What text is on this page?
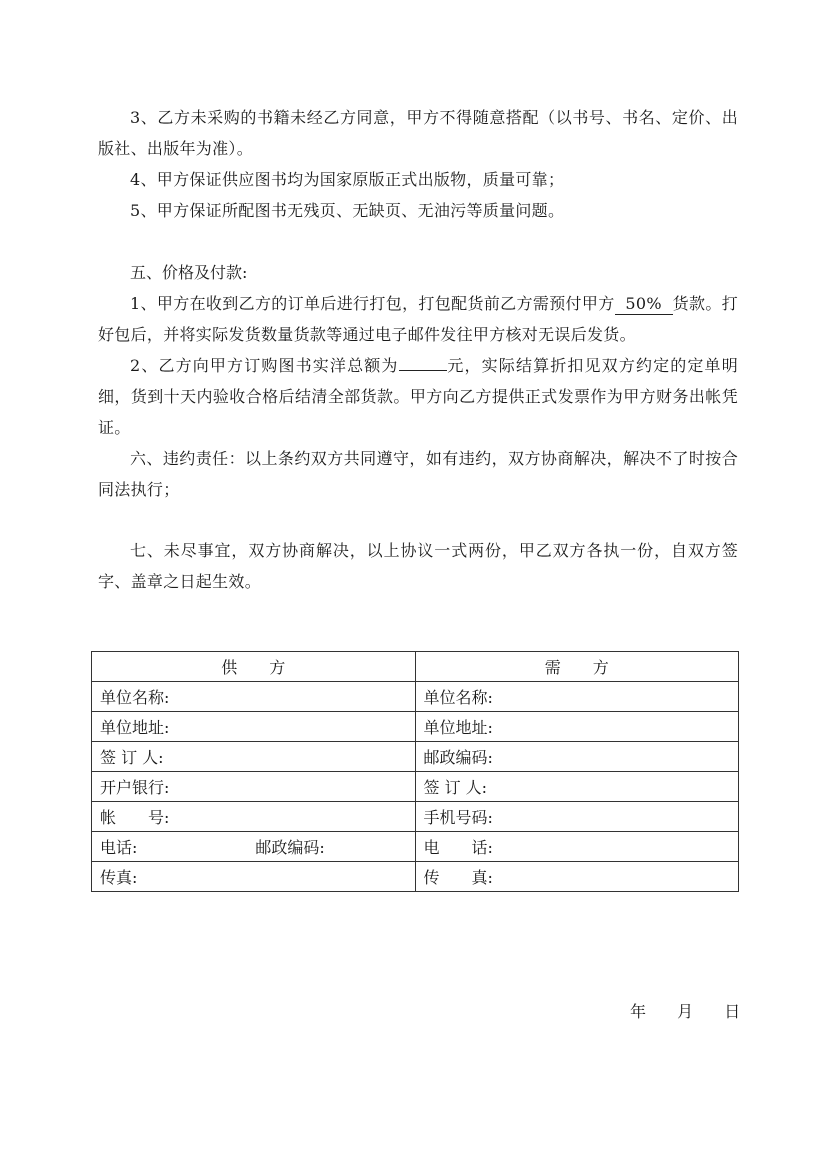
3、乙方未采购的书籍未经乙方同意，甲方不得随意搭配（以书号、书名、定价、出版社、出版年为准）。

4、甲方保证供应图书均为国家原版正式出版物，质量可靠；

5、甲方保证所配图书无残页、无缺页、无油污等质量问题。

五、价格及付款:

1、甲方在收到乙方的订单后进行打包，打包配货前乙方需预付甲方 50% 货款。打好包后，并将实际发货数量货款等通过电子邮件发往甲方核对无误后发货。

2、乙方向甲方订购图书实洋总额为	元，实际结算折扣见双方约定的定单明细，货到十天内验收合格后结清全部货款。甲方向乙方提供正式发票作为甲方财务出帐凭证。

六、违约责任：以上条约双方共同遵守，如有违约，双方协商解决，解决不了时按合同法执行；

七、未尽事宜，双方协商解决，以上协议一式两份，甲乙双方各执一份，自双方签字、盖章之日起生效。

供　　方	需　　方
单位名称:	单位名称:
单位地址:	单位地址:
签 订 人:	邮政编码:
开户银行:	签 订 人:
帐　　号:	手机号码:
电话: 邮政编码:	电　　话:
传真:	传　　真:
年 月 日
